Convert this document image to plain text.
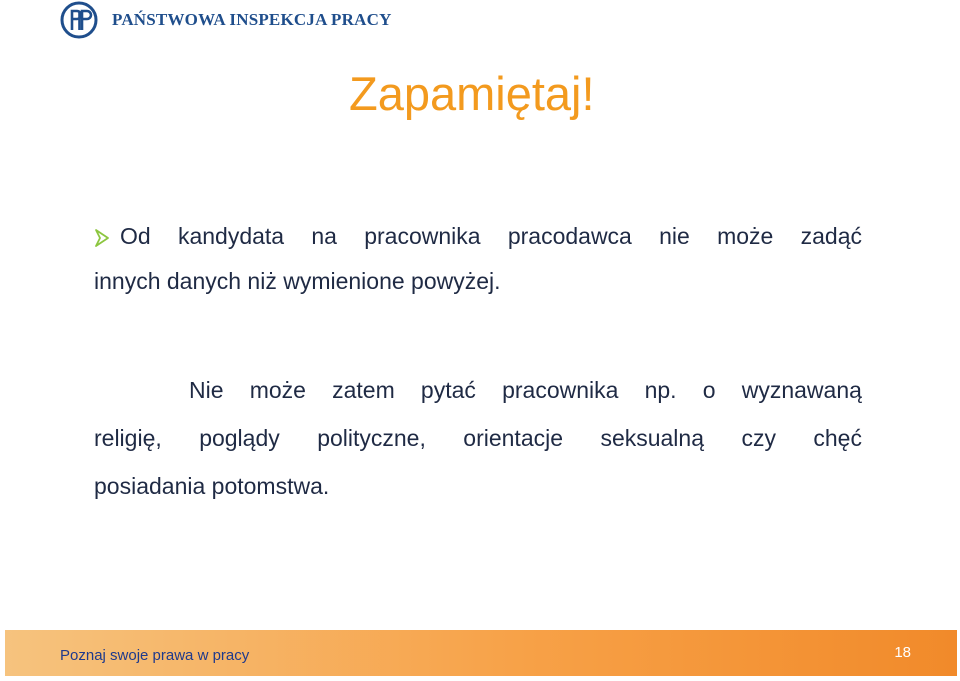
PAŃSTWOWA INSPEKCJA PRACY
Zapamiętaj!
Od kandydata na pracownika pracodawca nie może zadąć
innych danych niż wymienione powyżej.
Nie może zatem pytać pracownika np. o wyznawaną
religię, poglądy polityczne, orientacje seksualną czy chęć
posiadania potomstwa.
Poznaj swoje prawa w pracy	18
